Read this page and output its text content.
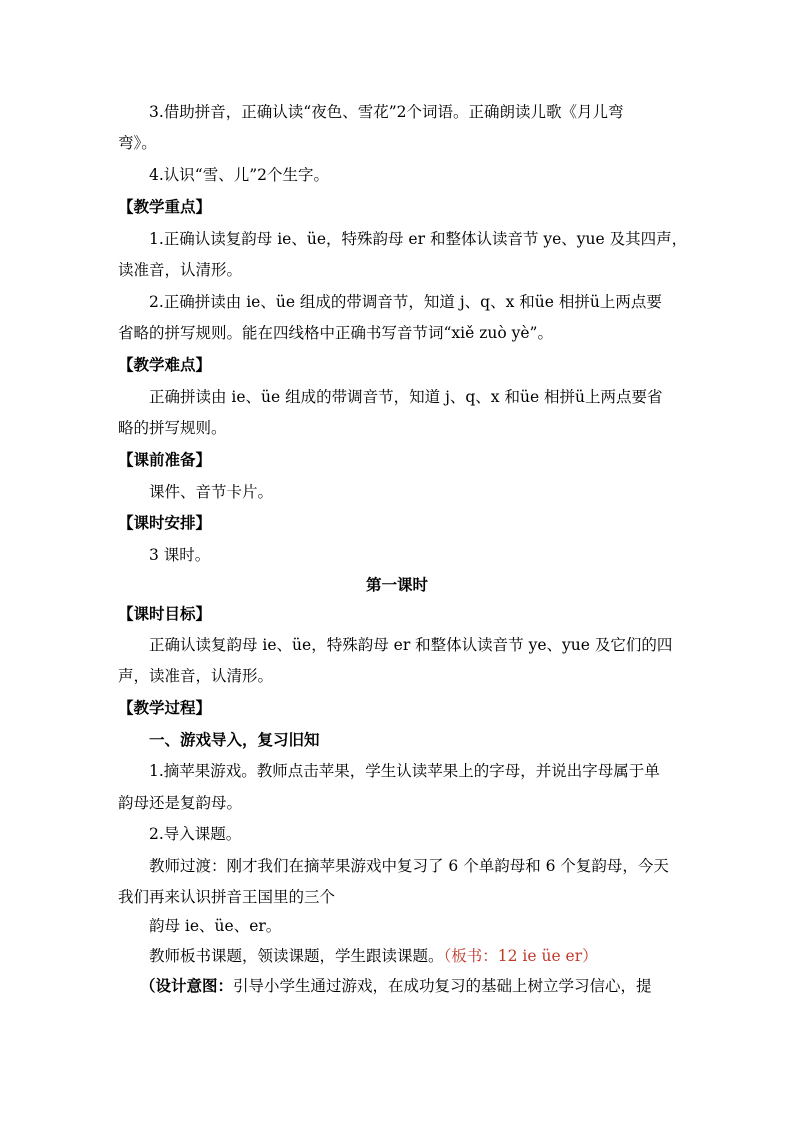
3.借助拼音，正确认读“夜色、雪花”2个词语。正确朗读儿歌《月儿弯
弯》。
4.认识“雪、儿”2个生字。
【教学重点】
1.正确认读复韵母 ie、üe，特殊韵母 er 和整体认读音节 ye、yue 及其四声，
读准音，认清形。
2.正确拼读由 ie、üe 组成的带调音节，知道 j、q、x 和üe 相拼ü上两点要
省略的拼写规则。能在四线格中正确书写音节词“xiě zuò yè”。
【教学难点】
正确拼读由 ie、üe 组成的带调音节，知道 j、q、x 和üe 相拼ü上两点要省
略的拼写规则。
【课前准备】
课件、音节卡片。
【课时安排】
3 课时。
第一课时
【课时目标】
正确认读复韵母 ie、üe，特殊韵母 er 和整体认读音节 ye、yue 及它们的四
声，读准音，认清形。
【教学过程】
一、游戏导入，复习旧知
1.摘苹果游戏。教师点击苹果，学生认读苹果上的字母，并说出字母属于单
韵母还是复韵母。
2.导入课题。
教师过渡：刚才我们在摘苹果游戏中复习了 6 个单韵母和 6 个复韵母，今天
我们再来认识拼音王国里的三个
韵母 ie、üe、er。
教师板书课题，领读课题，学生跟读课题。（板书：12 ie üe er）
（设计意图：引导小学生通过游戏，在成功复习的基础上树立学习信心，提
